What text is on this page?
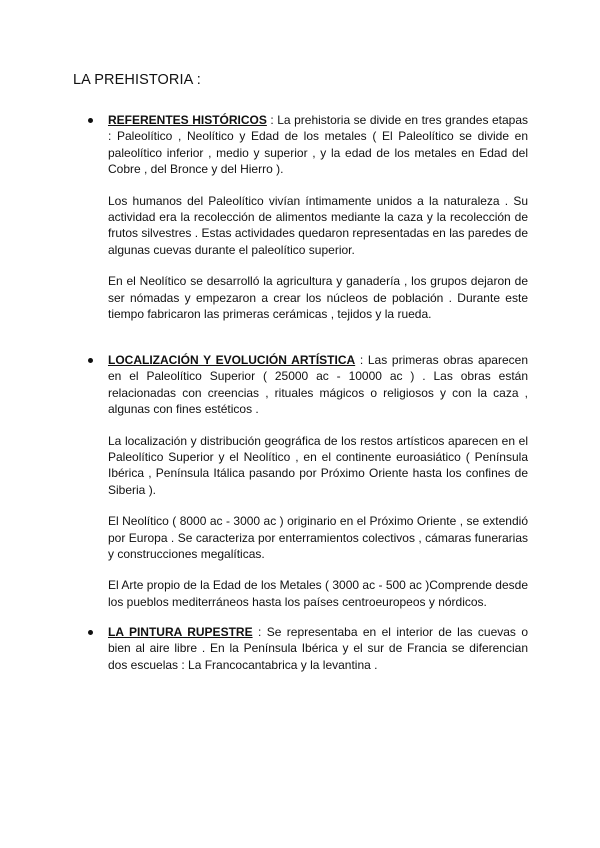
LA PREHISTORIA :

REFERENTES HISTÓRICOS : La prehistoria se divide en tres grandes etapas : Paleolítico , Neolítico y Edad de los metales ( El Paleolítico se divide en paleolítico inferior , medio y superior , y la edad de los metales en Edad del Cobre , del Bronce y del Hierro ).

Los humanos del Paleolítico vivían íntimamente unidos a la naturaleza . Su actividad era la recolección de alimentos mediante la caza y la recolección de frutos silvestres . Estas actividades quedaron representadas en las paredes de algunas cuevas durante el paleolítico superior.

En el Neolítico se desarrolló la agricultura y ganadería , los grupos dejaron de ser nómadas y empezaron a crear los núcleos de población . Durante este tiempo fabricaron las primeras cerámicas , tejidos y la rueda.

LOCALIZACIÓN Y EVOLUCIÓN ARTÍSTICA : Las primeras obras aparecen en el Paleolítico Superior ( 25000 ac - 10000 ac ) . Las obras están relacionadas con creencias , rituales mágicos o religiosos y con la caza , algunas con fines estéticos .

La localización y distribución geográfica de los restos artísticos aparecen en el Paleolítico Superior y el Neolítico , en el continente euroasiático ( Península Ibérica , Península Itálica pasando por Próximo Oriente hasta los confines de Siberia ).

El Neolítico ( 8000 ac - 3000 ac ) originario en el Próximo Oriente , se extendió por Europa . Se caracteriza por enterramientos colectivos , cámaras funerarias y construcciones megalíticas.

El Arte propio de la Edad de los Metales ( 3000 ac - 500 ac )Comprende desde los pueblos mediterráneos hasta los países centroeuropeos y nórdicos.

LA PINTURA RUPESTRE : Se representaba en el interior de las cuevas o bien al aire libre . En la Península Ibérica y el sur de Francia se diferencian dos escuelas : La Francocantabrica y la levantina .
